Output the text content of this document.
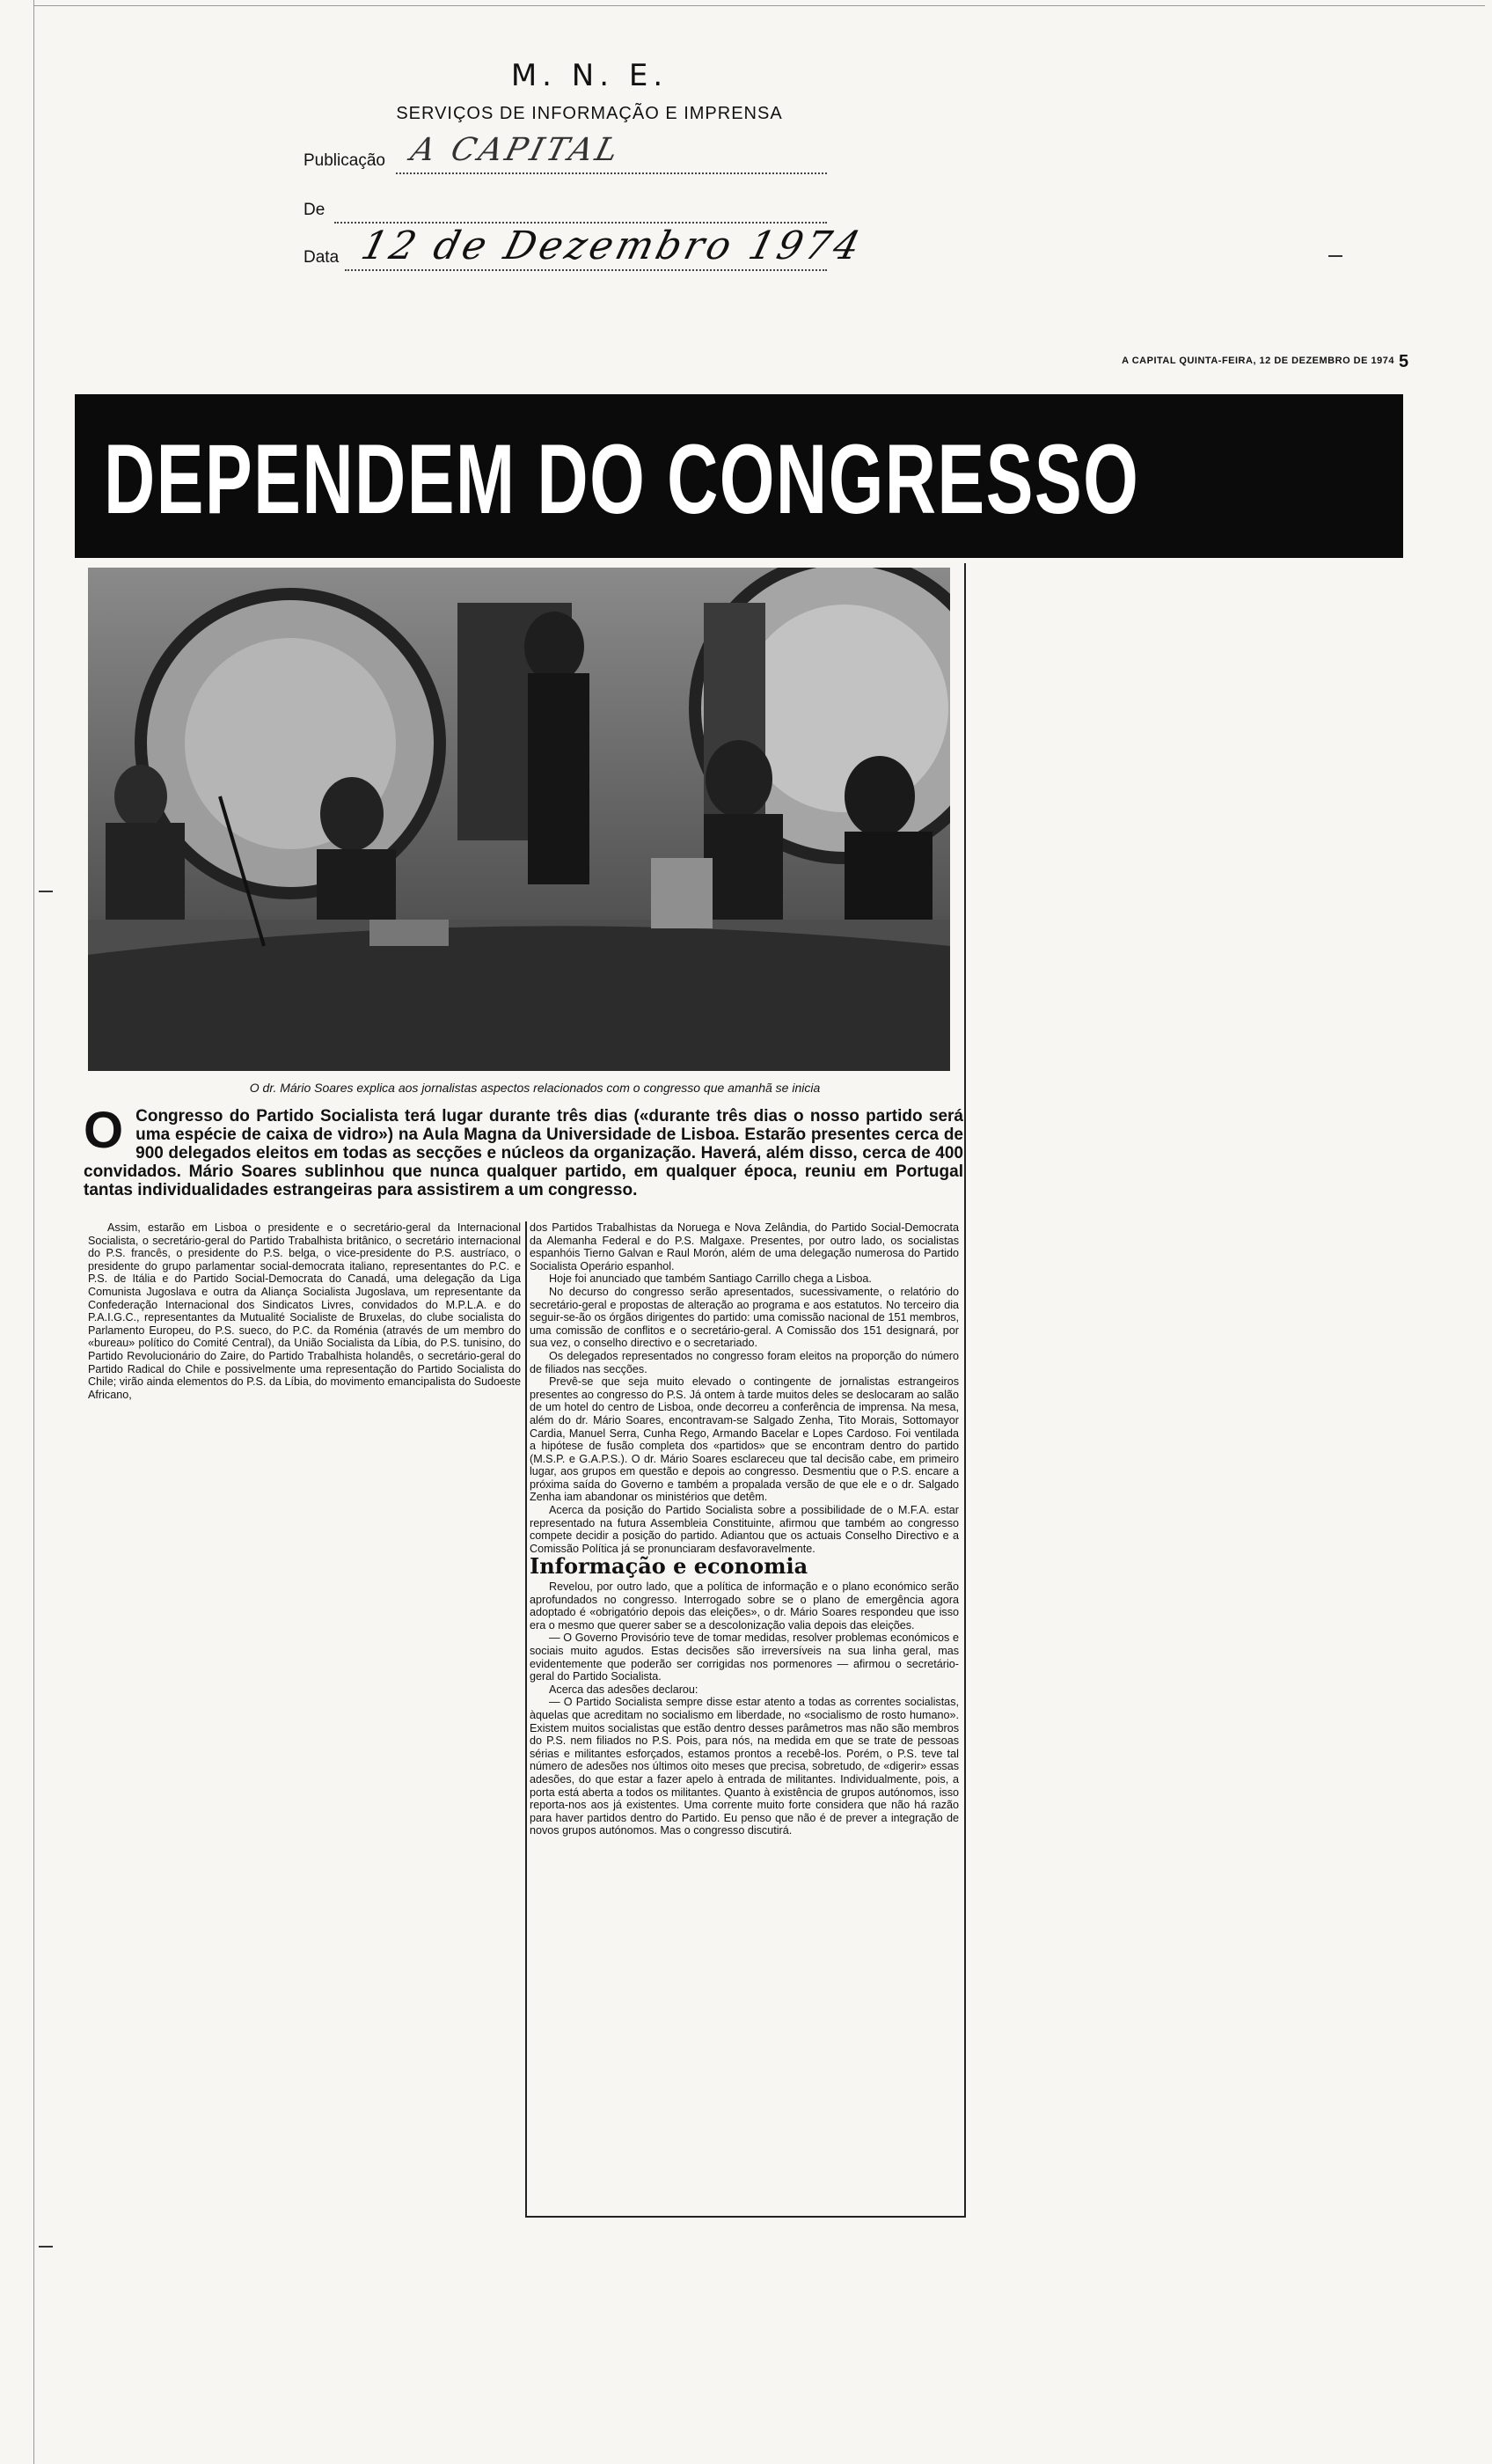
M. N. E.
SERVIÇOS DE INFORMAÇÃO E IMPRENSA
Publicação A CAPITAL
De
Data 12 de Dezembro 1974
A CAPITAL QUINTA-FEIRA, 12 DE DEZEMBRO DE 1974 5
DEPENDEM DO CONGRESSO
O dr. Mário Soares explica aos jornalistas aspectos relacionados com o congresso que amanhã se inicia
O Congresso do Partido Socialista terá lugar durante três dias («durante três dias o nosso partido será uma espécie de caixa de vidro») na Aula Magna da Universidade de Lisboa. Estarão presentes cerca de 900 delegados eleitos em todas as secções e núcleos da organização. Haverá, além disso, cerca de 400 convidados. Mário Soares sublinhou que nunca qualquer partido, em qualquer época, reuniu em Portugal tantas individualidades estrangeiras para assistirem a um congresso.

Assim, estarão em Lisboa o presidente e o secretário-geral da Internacional Socialista, o secretário-geral do Partido Trabalhista britânico, o secretário internacional do P.S. francês, o presidente do P.S. belga, o vice-presidente do P.S. austríaco, o presidente do grupo parlamentar social-democrata italiano, representantes do P.C. e P.S. de Itália e do Partido Social-Democrata do Canadá, uma delegação da Liga Comunista Jugoslava e outra da Aliança Socialista Jugoslava, um representante da Confederação Internacional dos Sindicatos Livres, convidados do M.P.L.A. e do P.A.I.G.C., representantes da Mutualité Socialiste de Bruxelas, do clube socialista do Parlamento Europeu, do P.S. sueco, do P.C. da Roménia (através de um membro do «bureau» político do Comité Central), da União Socialista da Líbia, do P.S. tunisino, do Partido Revolucionário do Zaire, do Partido Trabalhista holandês, o secretário-geral do Partido Radical do Chile e possivelmente uma representação do Partido Socialista do Chile; virão ainda elementos do P.S. da Líbia, do movimento emancipalista do Sudoeste Africano,

dos Partidos Trabalhistas da Noruega e Nova Zelândia, do Partido Social-Democrata da Alemanha Federal e do P.S. Malgaxe. Presentes, por outro lado, os socialistas espanhóis Tierno Galvan e Raul Morón, além de uma delegação numerosa do Partido Socialista Operário espanhol.

Hoje foi anunciado que também Santiago Carrillo chega a Lisboa.

No decurso do congresso serão apresentados, sucessivamente, o relatório do secretário-geral e propostas de alteração ao programa e aos estatutos. No terceiro dia seguir-se-ão os órgãos dirigentes do partido: uma comissão nacional de 151 membros, uma comissão de conflitos e o secretário-geral. A Comissão dos 151 designará, por sua vez, o conselho directivo e o secretariado.

Os delegados representados no congresso foram eleitos na proporção do número de filiados nas secções.

Prevê-se que seja muito elevado o contingente de jornalistas estrangeiros presentes ao congresso do P.S. Já ontem à tarde muitos deles se deslocaram ao salão de um hotel do centro de Lisboa, onde decorreu a conferência de imprensa. Na mesa, além do dr. Mário Soares, encontravam-se Salgado Zenha, Tito Morais, Sottomayor Cardia, Manuel Serra, Cunha Rego, Armando Bacelar e Lopes Cardoso. Foi ventilada a hipótese de fusão completa dos «partidos» que se encontram dentro do partido (M.S.P. e G.A.P.S.). O dr. Mário Soares esclareceu que tal decisão cabe, em primeiro lugar, aos grupos em questão e depois ao congresso. Desmentiu que o P.S. encare a próxima saída do Governo e também a propalada versão de que ele e o dr. Salgado Zenha iam abandonar os ministérios que detêm.

Acerca da posição do Partido Socialista sobre a possibilidade de o M.F.A. estar representado na futura Assembleia Constituinte, afirmou que também ao congresso compete decidir a posição do partido. Adiantou que os actuais Conselho Directivo e a Comissão Política já se pronunciaram desfavoravelmente.

Informação e economia

Revelou, por outro lado, que a política de informação e o plano económico serão aprofundados no congresso. Interrogado sobre se o plano de emergência agora adoptado é «obrigatório depois das eleições», o dr. Mário Soares respondeu que isso era o mesmo que querer saber se a descolonização valia depois das eleições.

— O Governo Provisório teve de tomar medidas, resolver problemas económicos e sociais muito agudos. Estas decisões são irreversíveis na sua linha geral, mas evidentemente que poderão ser corrigidas nos pormenores — afirmou o secretário-geral do Partido Socialista.

Acerca das adesões declarou:

— O Partido Socialista sempre disse estar atento a todas as correntes socialistas, àquelas que acreditam no socialismo em liberdade, no «socialismo de rosto humano». Existem muitos socialistas que estão dentro desses parâmetros mas não são membros do P.S. nem filiados no P.S. Pois, para nós, na medida em que se trate de pessoas sérias e militantes esforçados, estamos prontos a recebê-los. Porém, o P.S. teve tal número de adesões nos últimos oito meses que precisa, sobretudo, de «digerir» essas adesões, do que estar a fazer apelo à entrada de militantes. Individualmente, pois, a porta está aberta a todos os militantes. Quanto à existência de grupos autónomos, isso reporta-nos aos já existentes. Uma corrente muito forte considera que não há razão para haver partidos dentro do Partido. Eu penso que não é de prever a integração de novos grupos autónomos. Mas o congresso discutirá.
